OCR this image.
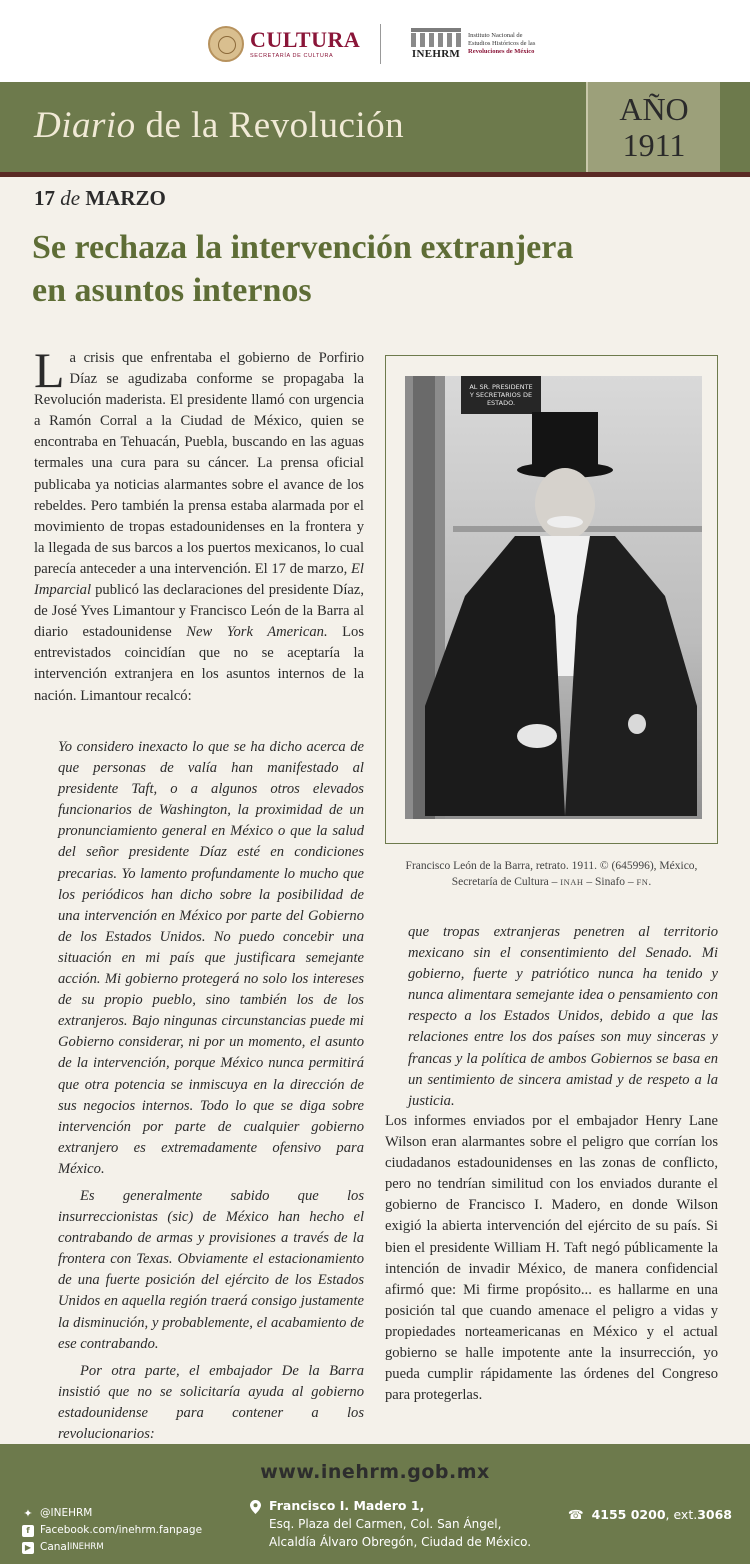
CULTURA
SECRETARÍA DE CULTURA	INEHRM
Instituto Nacional de
Estudios Históricos de las
Revoluciones de México
Diario de la Revolución	AÑO
1911
17 de MARZO
Se rechaza la intervención extranjera en asuntos internos
La crisis que enfrentaba el gobierno de Porfirio Díaz se agudizaba conforme se propagaba la Revolución maderista. El presidente llamó con urgencia a Ramón Corral a la Ciudad de México, quien se encontraba en Tehuacán, Puebla, buscando en las aguas termales una cura para su cáncer. La prensa oficial publicaba ya noticias alarmantes sobre el avance de los rebeldes. Pero también la prensa estaba alarmada por el movimiento de tropas estadounidenses en la frontera y la llegada de sus barcos a los puertos mexicanos, lo cual parecía anteceder a una intervención. El 17 de marzo, El Imparcial publicó las declaraciones del presidente Díaz, de José Yves Limantour y Francisco León de la Barra al diario estadounidense New York American. Los entrevistados coincidían que no se aceptaría la intervención extranjera en los asuntos internos de la nación. Limantour recalcó:

Yo considero inexacto lo que se ha dicho acerca de que personas de valía han manifestado al presidente Taft, o a algunos otros elevados funcionarios de Washington, la proximidad de un pronunciamiento general en México o que la salud del señor presidente Díaz esté en condiciones precarias. Yo lamento profundamente lo mucho que los periódicos han dicho sobre la posibilidad de una intervención en México por parte del Gobierno de los Estados Unidos. No puedo concebir una situación en mi país que justificara semejante acción. Mi gobierno protegerá no solo los intereses de su propio pueblo, sino también los de los extranjeros. Bajo ningunas circunstancias puede mi Gobierno considerar, ni por un momento, el asunto de la intervención, porque México nunca permitirá que otra potencia se inmiscuya en la dirección de sus negocios internos. Todo lo que se diga sobre intervención por parte de cualquier gobierno extranjero es extremadamente ofensivo para México.

Es generalmente sabido que los insurreccionistas (sic) de México han hecho el contrabando de armas y provisiones a través de la frontera con Texas. Obviamente el estacionamiento de una fuerte posición del ejército de los Estados Unidos en aquella región traerá consigo justamente la disminución, y probablemente, el acabamiento de ese contrabando.

Por otra parte, el embajador De la Barra insistió que no se solicitaría ayuda al gobierno estadounidense para contener a los revolucionarios:

AL SR. PRESIDENTE Y SECRETARIOS DE ESTADO.
Francisco León de la Barra, retrato. 1911. © (645996), México, Secretaría de Cultura – INAH – Sinafo – FN.
que tropas extranjeras penetren al territorio mexicano sin el consentimiento del Senado. Mi gobierno, fuerte y patriótico nunca ha tenido y nunca alimentara semejante idea o pensamiento con respecto a los Estados Unidos, debido a que las relaciones entre los dos países son muy sinceras y francas y la política de ambos Gobiernos se basa en un sentimiento de sincera amistad y de respeto a la justicia.
Los informes enviados por el embajador Henry Lane Wilson eran alarmantes sobre el peligro que corrían los ciudadanos estadounidenses en las zonas de conflicto, pero no tendrían similitud con los enviados durante el gobierno de Francisco I. Madero, en donde Wilson exigió la abierta intervención del ejército de su país. Si bien el presidente William H. Taft negó públicamente la intención de invadir México, de manera confidencial afirmó que: Mi firme propósito... es hallarme en una posición tal que cuando amenace el peligro a vidas y propiedades norteamericanas en México y el actual gobierno se halle impotente ante la insurrección, yo pueda cumplir rápidamente las órdenes del Congreso para protegerlas.
www.inehrm.gob.mx
✦ @INEHRM
f Facebook.com/inehrm.fanpage
▶ Canal INEHRM
Francisco I. Madero 1,
Esq. Plaza del Carmen, Col. San Ángel,
Alcaldía Álvaro Obregón, Ciudad de México.
☎ 4155 0200 , ext. 3068
